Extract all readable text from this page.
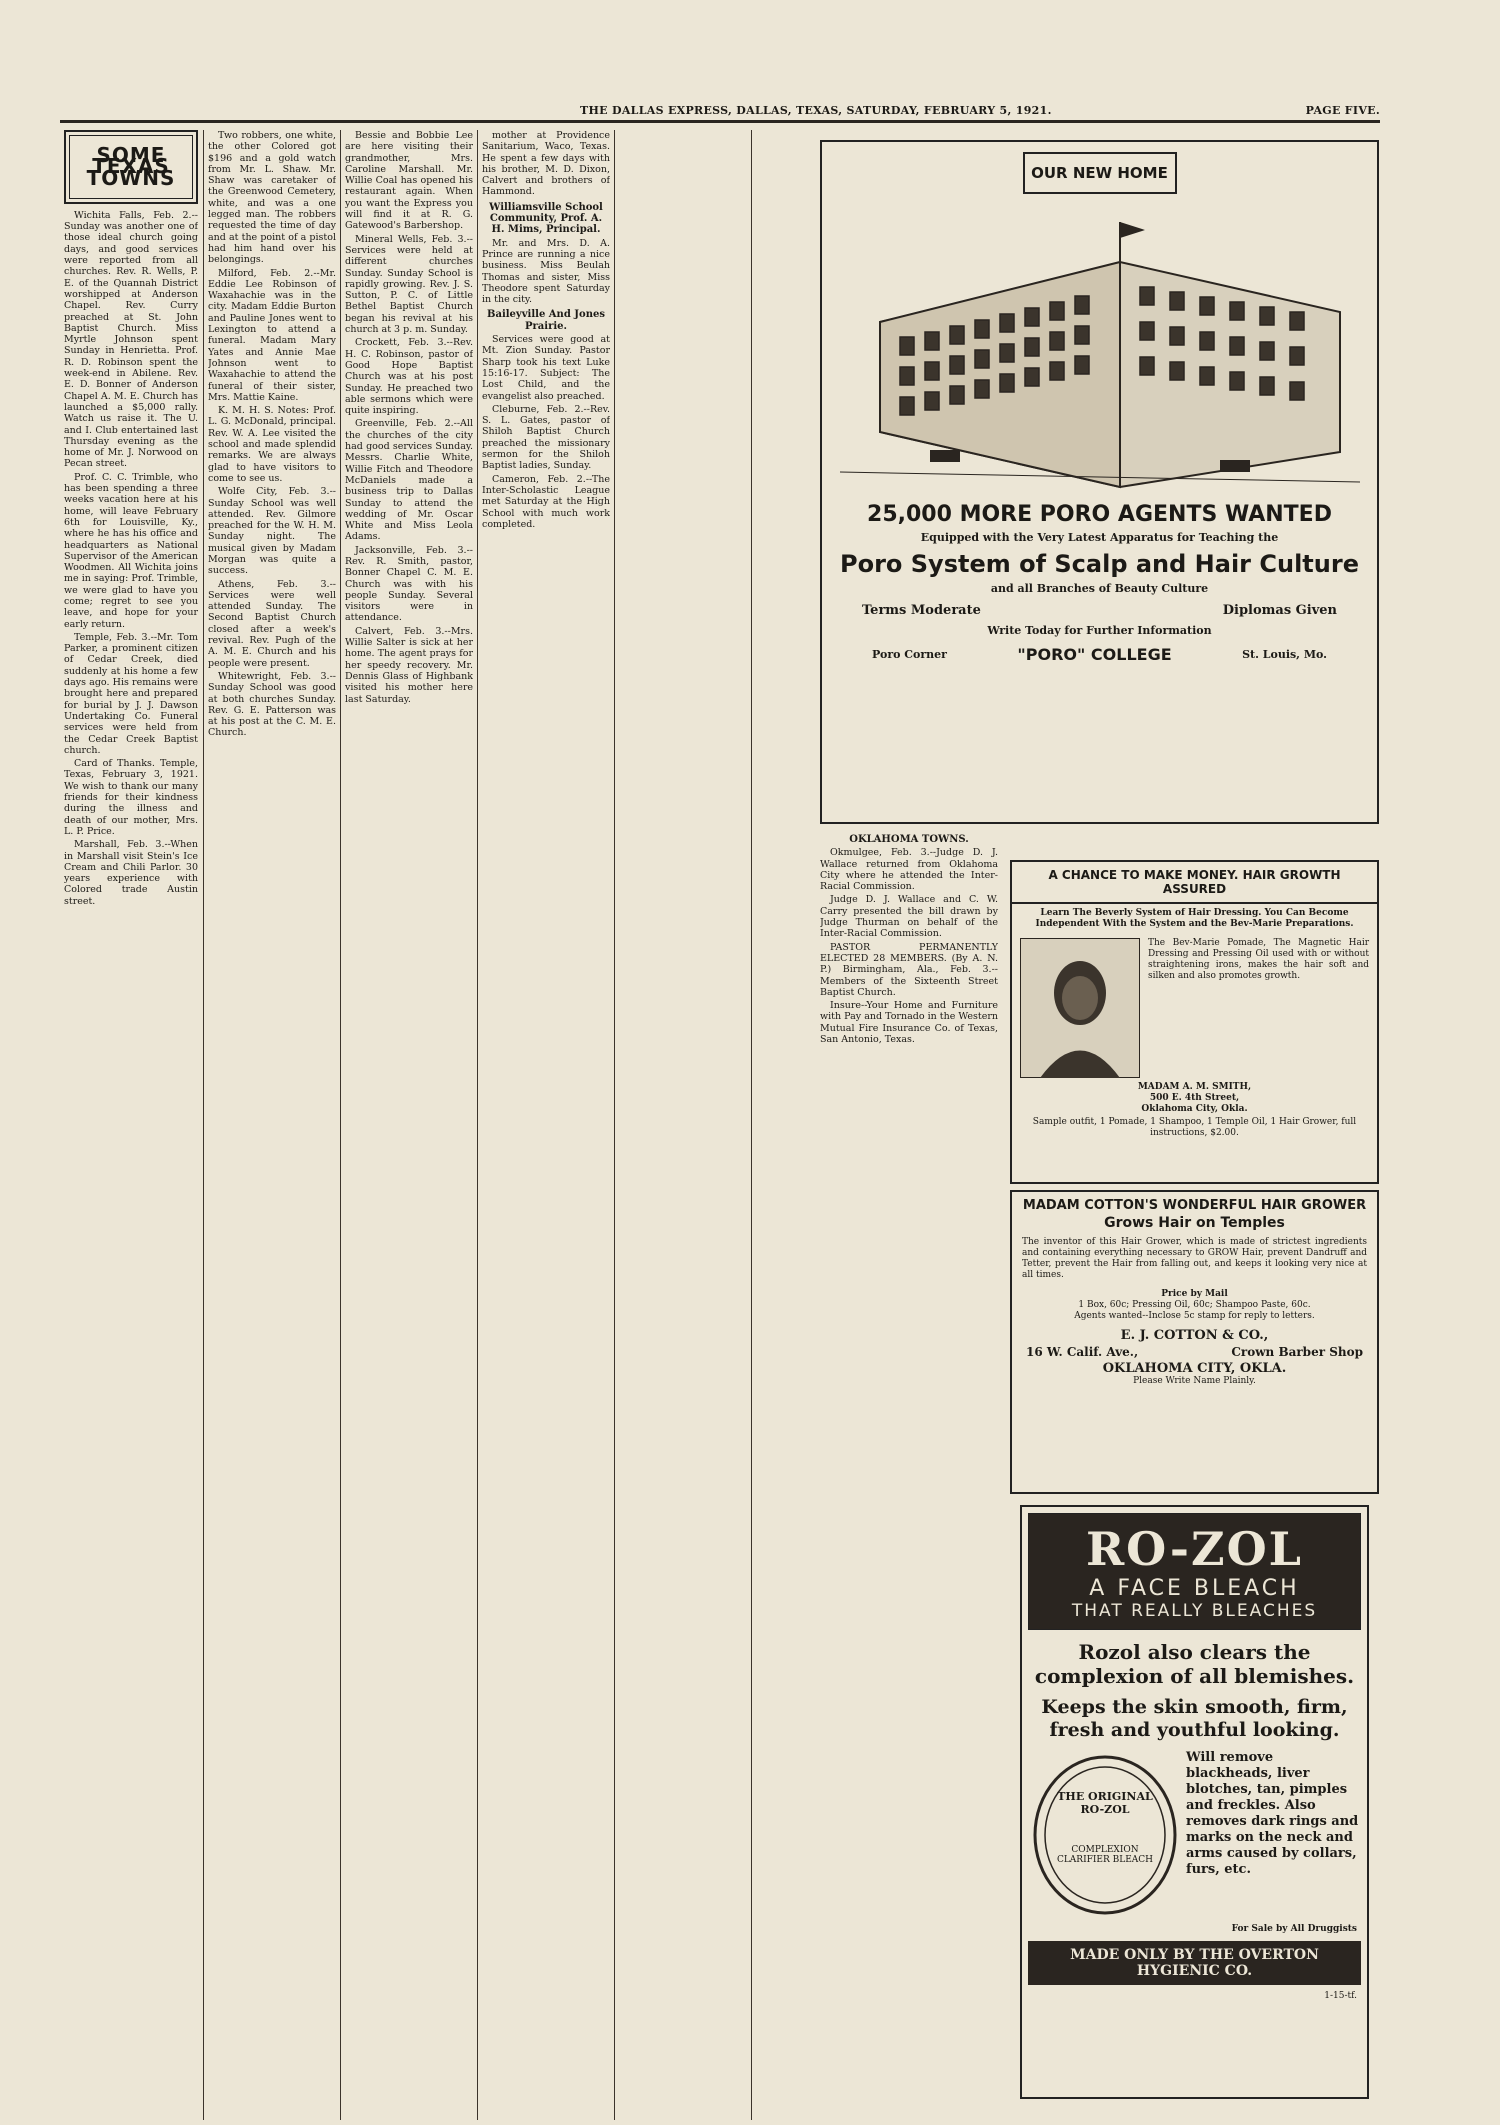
THE DALLAS EXPRESS, DALLAS, TEXAS, SATURDAY, FEBRUARY 5, 1921.	PAGE FIVE.
SOME TEXAS TOWNS

Wichita Falls, Feb. 2.--Sunday was another one of those ideal church going days, and good services were reported from all churches. Rev. R. Wells, P. E. of the Quannah District worshipped at Anderson Chapel. Rev. Curry preached at St. John Baptist Church. Miss Myrtle Johnson spent Sunday in Henrietta. Prof. R. D. Robinson spent the week-end in Abilene. Rev. E. D. Bonner of Anderson Chapel A. M. E. Church has launched a $5,000 rally. Watch us raise it. The U. and I. Club entertained last Thursday evening as the home of Mr. J. Norwood on Pecan street.

Prof. C. C. Trimble, who has been spending a three weeks vacation here at his home, will leave February 6th for Louisville, Ky., where he has his office and headquarters as National Supervisor of the American Woodmen. All Wichita joins me in saying: Prof. Trimble, we were glad to have you come; regret to see you leave, and hope for your early return.

Temple, Feb. 3.--Mr. Tom Parker, a prominent citizen of Cedar Creek, died suddenly at his home a few days ago. His remains were brought here and prepared for burial by J. J. Dawson Undertaking Co. Funeral services were held from the Cedar Creek Baptist church.

Card of Thanks. Temple, Texas, February 3, 1921. We wish to thank our many friends for their kindness during the illness and death of our mother, Mrs. L. P. Price.

Marshall, Feb. 3.--When in Marshall visit Stein's Ice Cream and Chili Parlor. 30 years experience with Colored trade Austin street.

Two robbers, one white, the other Colored got $196 and a gold watch from Mr. L. Shaw. Mr. Shaw was caretaker of the Greenwood Cemetery, white, and was a one legged man. The robbers requested the time of day and at the point of a pistol had him hand over his belongings.

Milford, Feb. 2.--Mr. Eddie Lee Robinson of Waxahachie was in the city. Madam Eddie Burton and Pauline Jones went to Lexington to attend a funeral. Madam Mary Yates and Annie Mae Johnson went to Waxahachie to attend the funeral of their sister, Mrs. Mattie Kaine.

K. M. H. S. Notes: Prof. L. G. McDonald, principal. Rev. W. A. Lee visited the school and made splendid remarks. We are always glad to have visitors to come to see us.

Wolfe City, Feb. 3.--Sunday School was well attended. Rev. Gilmore preached for the W. H. M. Sunday night. The musical given by Madam Morgan was quite a success.

Athens, Feb. 3.--Services were well attended Sunday. The Second Baptist Church closed after a week's revival. Rev. Pugh of the A. M. E. Church and his people were present.

Whitewright, Feb. 3.--Sunday School was good at both churches Sunday. Rev. G. E. Patterson was at his post at the C. M. E. Church.

Bessie and Bobbie Lee are here visiting their grandmother, Mrs. Caroline Marshall. Mr. Willie Coal has opened his restaurant again. When you want the Express you will find it at R. G. Gatewood's Barbershop.

Mineral Wells, Feb. 3.--Services were held at different churches Sunday. Sunday School is rapidly growing. Rev. J. S. Sutton, P. C. of Little Bethel Baptist Church began his revival at his church at 3 p. m. Sunday.

Crockett, Feb. 3.--Rev. H. C. Robinson, pastor of Good Hope Baptist Church was at his post Sunday. He preached two able sermons which were quite inspiring.

Greenville, Feb. 2.--All the churches of the city had good services Sunday. Messrs. Charlie White, Willie Fitch and Theodore McDaniels made a business trip to Dallas Sunday to attend the wedding of Mr. Oscar White and Miss Leola Adams.

Jacksonville, Feb. 3.--Rev. R. Smith, pastor, Bonner Chapel C. M. E. Church was with his people Sunday. Several visitors were in attendance.

Calvert, Feb. 3.--Mrs. Willie Salter is sick at her home. The agent prays for her speedy recovery. Mr. Dennis Glass of Highbank visited his mother here last Saturday.

mother at Providence Sanitarium, Waco, Texas. He spent a few days with his brother, M. D. Dixon, Calvert and brothers of Hammond.

Williamsville School Community, Prof. A. H. Mims, Principal.

Mr. and Mrs. D. A. Prince are running a nice business. Miss Beulah Thomas and sister, Miss Theodore spent Saturday in the city.

Baileyville And Jones Prairie.

Services were good at Mt. Zion Sunday. Pastor Sharp took his text Luke 15:16-17. Subject: The Lost Child, and the evangelist also preached.

Cleburne, Feb. 2.--Rev. S. L. Gates, pastor of Shiloh Baptist Church preached the missionary sermon for the Shiloh Baptist ladies, Sunday.

Cameron, Feb. 2.--The Inter-Scholastic League met Saturday at the High School with much work completed.

OUR NEW HOME
25,000 MORE PORO AGENTS WANTED
Equipped with the Very Latest Apparatus for Teaching the
Poro System of Scalp and Hair Culture
and all Branches of Beauty Culture
Terms Moderate	Diplomas Given
Write Today for Further Information
Poro Corner	"PORO" COLLEGE	St. Louis, Mo.
OKLAHOMA TOWNS.

Okmulgee, Feb. 3.--Judge D. J. Wallace returned from Oklahoma City where he attended the Inter-Racial Commission.

Judge D. J. Wallace and C. W. Carry presented the bill drawn by Judge Thurman on behalf of the Inter-Racial Commission.

PASTOR PERMANENTLY ELECTED 28 MEMBERS. (By A. N. P.) Birmingham, Ala., Feb. 3.--Members of the Sixteenth Street Baptist Church.

Insure--Your Home and Furniture with Pay and Tornado in the Western Mutual Fire Insurance Co. of Texas, San Antonio, Texas.

A CHANCE TO MAKE MONEY. HAIR GROWTH ASSURED
Learn The Beverly System of Hair Dressing. You Can Become Independent With the System and the Bev-Marie Preparations.
The Bev-Marie Pomade, The Magnetic Hair Dressing and Pressing Oil used with or without straightening irons, makes the hair soft and silken and also promotes growth.
MADAM A. M. SMITH,
500 E. 4th Street,
Oklahoma City, Okla.
Sample outfit, 1 Pomade, 1 Shampoo, 1 Temple Oil, 1 Hair Grower, full instructions, $2.00.
MADAM COTTON'S WONDERFUL HAIR GROWER
Grows Hair on Temples
The inventor of this Hair Grower, which is made of strictest ingredients and containing everything necessary to GROW Hair, prevent Dandruff and Tetter, prevent the Hair from falling out, and keeps it looking very nice at all times.
Price by Mail
1 Box, 60c; Pressing Oil, 60c; Shampoo Paste, 60c.
Agents wanted--Inclose 5c stamp for reply to letters.
E. J. COTTON & CO.,
16 W. Calif. Ave.,	Crown Barber Shop
OKLAHOMA CITY, OKLA.
Please Write Name Plainly.
RO-ZOL
A FACE BLEACH
THAT REALLY BLEACHES
Rozol also clears the complexion of all blemishes.
Keeps the skin smooth, firm, fresh and youthful looking.
THE ORIGINAL RO-ZOL
COMPLEXION CLARIFIER BLEACH
Will remove blackheads, liver blotches, tan, pimples and freckles. Also removes dark rings and marks on the neck and arms caused by collars, furs, etc.
For Sale by All Druggists
MADE ONLY BY THE OVERTON HYGIENIC CO.
1-15-tf.
